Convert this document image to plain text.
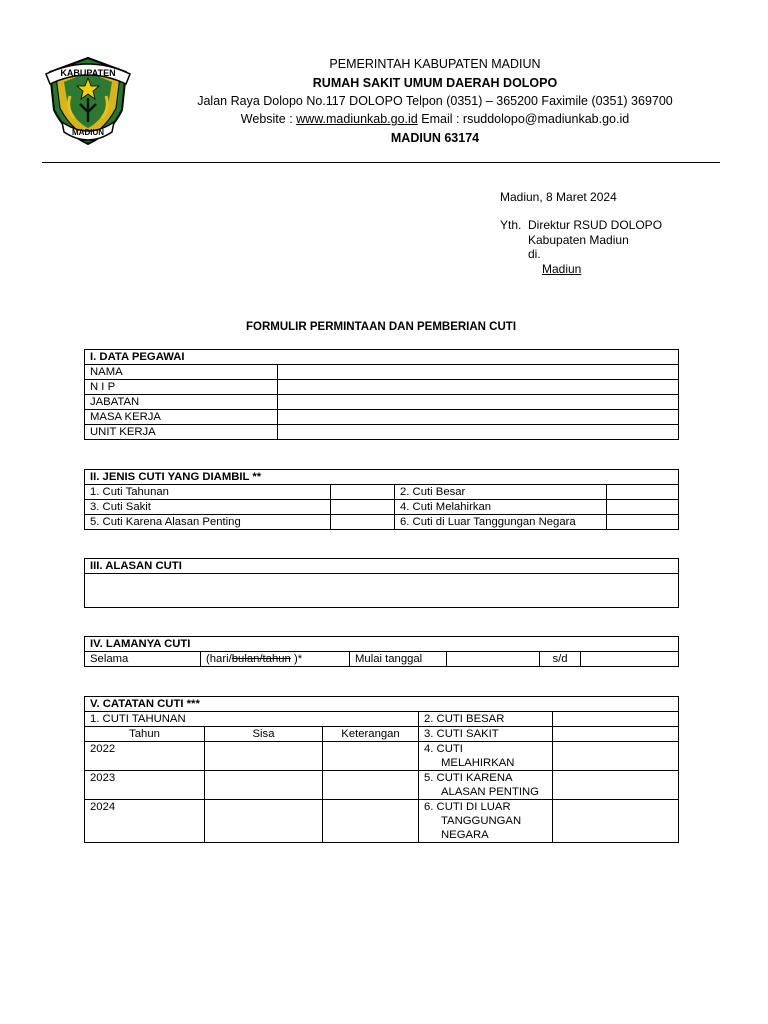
KABUPATEN
MADIUN
PEMERINTAH KABUPATEN MADIUN
RUMAH SAKIT UMUM DAERAH DOLOPO
Jalan Raya Dolopo No.117 DOLOPO Telpon (0351) – 365200 Faximile (0351) 369700
Website : www.madiunkab.go.id Email : rsuddolopo@madiunkab.go.id
MADIUN 63174
Madiun, 8 Maret 2024
Yth. Direktur RSUD DOLOPO
Kabupaten Madiun
di.
Madiun
FORMULIR PERMINTAAN DAN PEMBERIAN CUTI
I. DATA PEGAWAI	
NAMA	
N I P	
JABATAN	
MASA KERJA	
UNIT KERJA	
II. JENIS CUTI YANG DIAMBIL **			
1. Cuti Tahunan		2. Cuti Besar	
3. Cuti Sakit		4. Cuti Melahirkan	
5. Cuti Karena Alasan Penting		6. Cuti di Luar Tanggungan Negara	
III. ALASAN CUTI

IV. LAMANYA CUTI
Selama	(hari/bulan/tahun )*	Mulai tanggal		s/d	
V. CATATAN CUTI ***				
1. CUTI TAHUNAN			2. CUTI BESAR	
Tahun	Sisa	Keterangan	3. CUTI SAKIT	
2022			4. CUTI
MELAHIRKAN	

2023			5. CUTI KARENA
ALASAN PENTING	

2024			6. CUTI DI LUAR
TANGGUNGAN
NEGARA	
